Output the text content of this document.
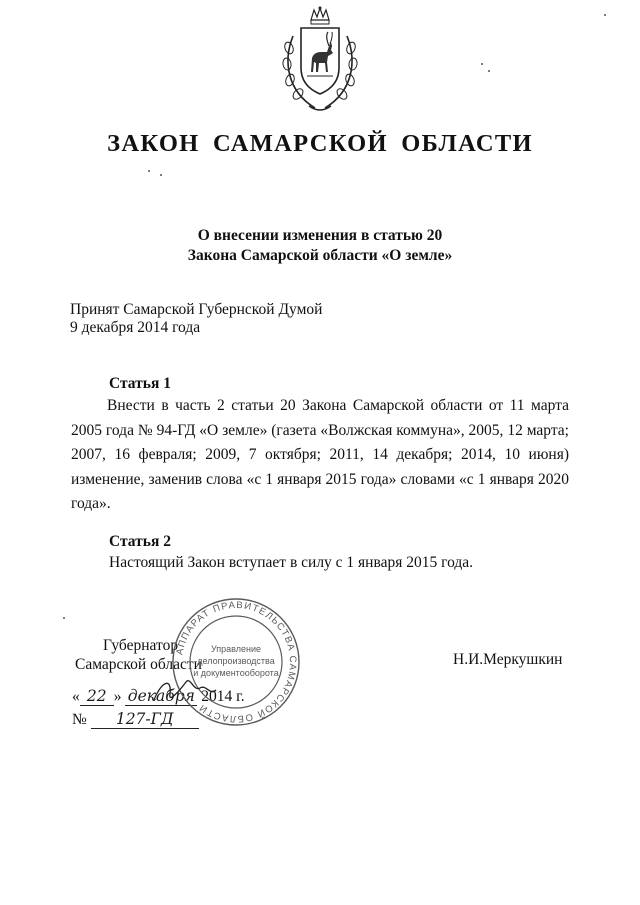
ЗАКОН САМАРСКОЙ ОБЛАСТИ
О внесении изменения в статью 20
Закона Самарской области «О земле»
Принят Самарской Губернской Думой
9 декабря 2014 года
Статья 1
Внести в часть 2 статьи 20 Закона Самарской области от 11 марта 2005 года № 94-ГД «О земле» (газета «Волжская коммуна», 2005, 12 марта; 2007, 16 февраля; 2009, 7 октября; 2011, 14 декабря; 2014, 10 июня) изменение, заменив слова «с 1 января 2015 года» словами «с 1 января 2020 года».
Статья 2
Настоящий Закон вступает в силу с 1 января 2015 года.
Губернатор
Самарской области	Н.И.Меркушкин
« 22 » декабря 2014 г.
№ 127-ГД
АППАРАТ ПРАВИТЕЛЬСТВА САМАРСКОЙ ОБЛАСТИ
Управление
делопроизводства
и документооборота
